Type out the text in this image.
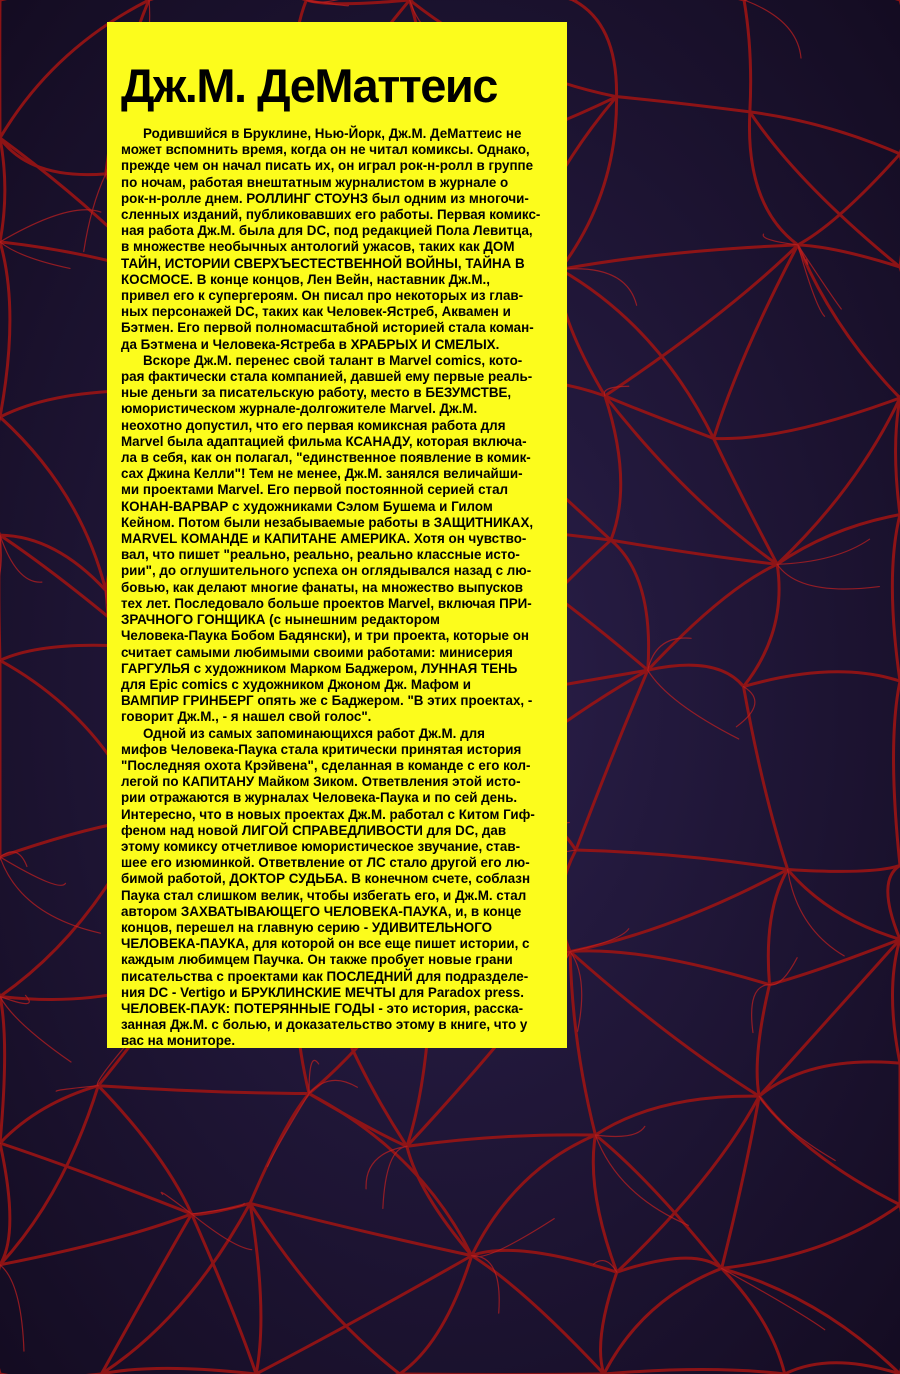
Дж.М. ДеМаттеис
Родившийся в Бруклине, Нью-Йорк, Дж.М. ДеМаттеис не
может вспомнить время, когда он не читал комиксы. Однако,
прежде чем он начал писать их, он играл рок-н-ролл в группе
по ночам, работая внештатным журналистом в журнале о
рок-н-ролле днем. РОЛЛИНГ СТОУНЗ был одним из многочи-
сленных изданий, публиковавших его работы. Первая комикс-
ная работа Дж.М. была для DC, под редакцией Пола Левитца,
в множестве необычных антологий ужасов, таких как ДОМ
ТАЙН, ИСТОРИИ СВЕРХЪЕСТЕСТВЕННОЙ ВОЙНЫ, ТАЙНА В
КОСМОСЕ. В конце концов, Лен Вейн, наставник Дж.М.,
привел его к супергероям. Он писал про некоторых из глав-
ных персонажей DC, таких как Человек-Ястреб, Аквамен и
Бэтмен. Его первой полномасштабной историей стала коман-
да Бэтмена и Человека-Ястреба в ХРАБРЫХ И СМЕЛЫХ.
Вскоре Дж.М. перенес свой талант в Marvel comics, кото-
рая фактически стала компанией, давшей ему первые реаль-
ные деньги за писательскую работу, место в БЕЗУМСТВЕ,
юмористическом журнале-долгожителе Marvel. Дж.М.
неохотно допустил, что его первая комиксная работа для
Marvel была адаптацией фильма КСАНАДУ, которая включа-
ла в себя, как он полагал, "единственное появление в комик-
сах Джина Келли"! Тем не менее, Дж.М. занялся величайши-
ми проектами Marvel. Его первой постоянной серией стал
КОНАН-ВАРВАР с художниками Сэлом Бушема и Гилом
Кейном. Потом были незабываемые работы в ЗАЩИТНИКАХ,
MARVEL КОМАНДЕ и КАПИТАНЕ АМЕРИКА. Хотя он чувство-
вал, что пишет "реально, реально, реально классные исто-
рии", до оглушительного успеха он оглядывался назад с лю-
бовью, как делают многие фанаты, на множество выпусков
тех лет. Последовало больше проектов Marvel, включая ПРИ-
ЗРАЧНОГО ГОНЩИКА (с нынешним редактором
Человека-Паука Бобом Бадянски), и три проекта, которые он
считает самыми любимыми своими работами: минисерия
ГАРГУЛЬЯ с художником Марком Баджером, ЛУННАЯ ТЕНЬ
для Epic comics с художником Джоном Дж. Мафом и
ВАМПИР ГРИНБЕРГ опять же с Баджером. "В этих проектах, -
говорит Дж.М., - я нашел свой голос".
Одной из самых запоминающихся работ Дж.М. для
мифов Человека-Паука стала критически принятая история
"Последняя охота Крэйвена", сделанная в команде с его кол-
легой по КАПИТАНУ Майком Зиком. Ответвления этой исто-
рии отражаются в журналах Человека-Паука и по сей день.
Интересно, что в новых проектах Дж.М. работал с Китом Гиф-
феном над новой ЛИГОЙ СПРАВЕДЛИВОСТИ для DC, дав
этому комиксу отчетливое юмористическое звучание, став-
шее его изюминкой. Ответвление от ЛС стало другой его лю-
бимой работой, ДОКТОР СУДЬБА. В конечном счете, соблазн
Паука стал слишком велик, чтобы избегать его, и Дж.М. стал
автором ЗАХВАТЫВАЮЩЕГО ЧЕЛОВЕКА-ПАУКА, и, в конце
концов, перешел на главную серию - УДИВИТЕЛЬНОГО
ЧЕЛОВЕКА-ПАУКА, для которой он все еще пишет истории, с
каждым любимцем Паучка. Он также пробует новые грани
писательства с проектами как ПОСЛЕДНИЙ для подразделе-
ния DC - Vertigo и БРУКЛИНСКИЕ МЕЧТЫ для Paradox press.
ЧЕЛОВЕК-ПАУК: ПОТЕРЯННЫЕ ГОДЫ - это история, расска-
занная Дж.М. с болью, и доказательство этому в книге, что у
вас на мониторе.
